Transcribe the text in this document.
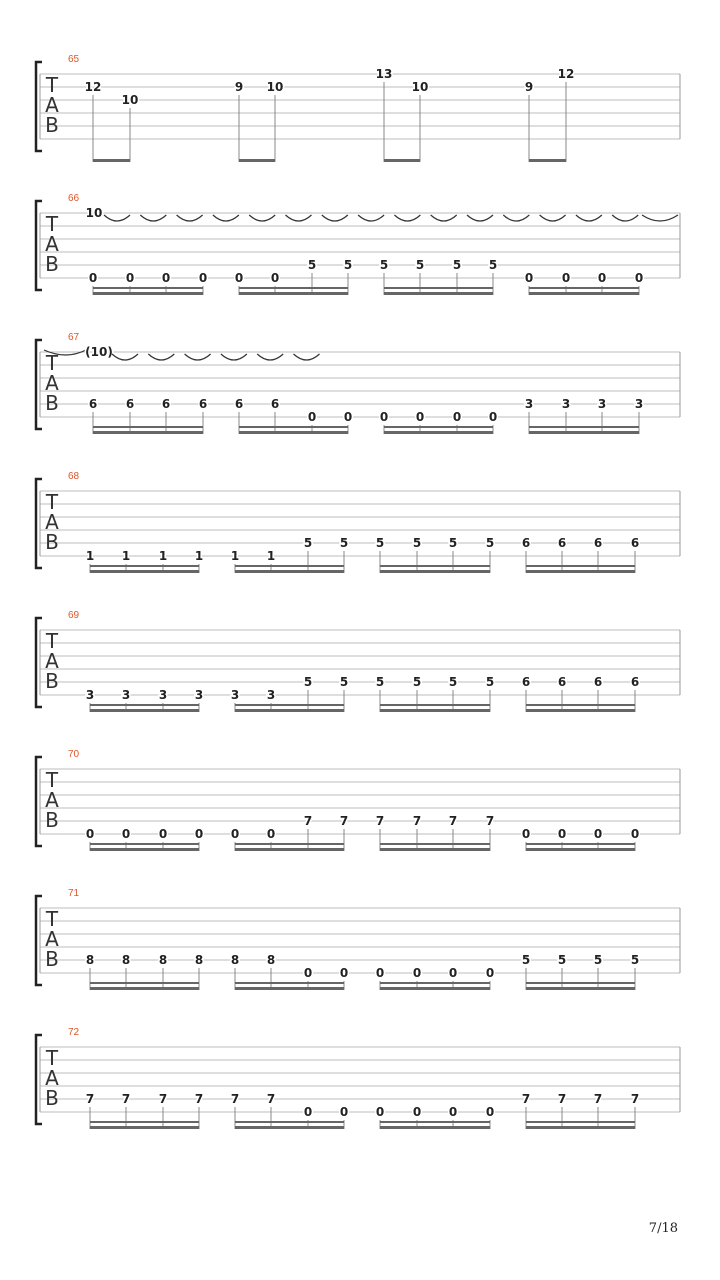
T
A
B
65
12
10
9 10
13
10	9
12
T
A
B
66
0 0 0 0 0 0
5 5 5 5 5 5
0 0 0 0
10
T
A
B
67
6 6 6 6 6 6
0 0 0 0 0 0
3 3 3 3
(10)
T
A
B
68
1 1 1 1 1 1
5 5 5 5 5 5 6 6 6 6
T
A
B
69
3 3 3 3 3 3
5 5 5 5 5 5 6 6 6 6
T
A
B
70
0 0 0 0 0 0
7 7 7 7 7 7
0 0 0 0
T
A
B
71
8 8 8 8 8 8
0 0 0 0 0 0
5 5 5 5
T
A
B
72
7 7 7 7 7 7
0 0 0 0 0 0
7 7 7 7
7/18
